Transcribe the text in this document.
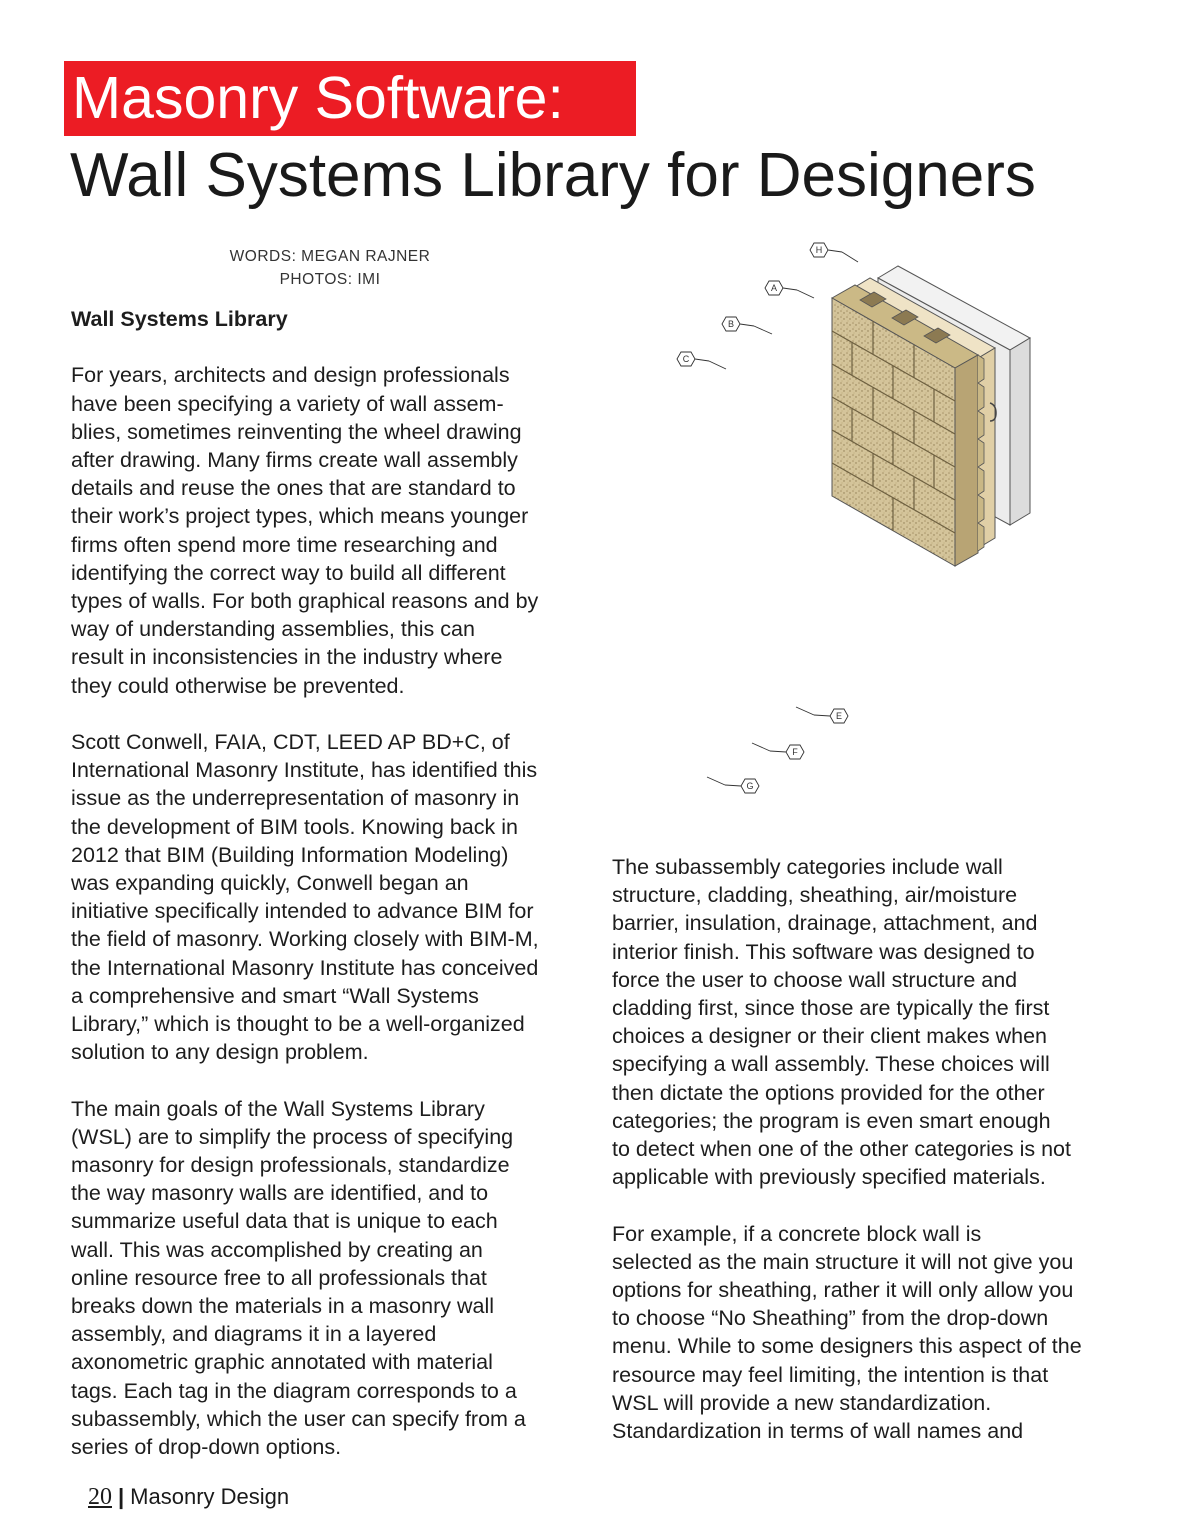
Masonry Software:
Wall Systems Library for Designers
WORDS: MEGAN RAJNER
PHOTOS: IMI

Wall Systems Library

For years, architects and design professionals
have been specifying a variety of wall assem-
blies, sometimes reinventing the wheel drawing
after drawing. Many firms create wall assembly
details and reuse the ones that are standard to
their work’s project types, which means younger
firms often spend more time researching and
identifying the correct way to build all different
types of walls. For both graphical reasons and by
way of understanding assemblies, this can
result in inconsistencies in the industry where
they could otherwise be prevented.

Scott Conwell, FAIA, CDT, LEED AP BD+C, of
International Masonry Institute, has identified this
issue as the underrepresentation of masonry in
the development of BIM tools. Knowing back in
2012 that BIM (Building Information Modeling)
was expanding quickly, Conwell began an
initiative specifically intended to advance BIM for
the field of masonry. Working closely with BIM-M,
the International Masonry Institute has conceived
a comprehensive and smart “Wall Systems
Library,” which is thought to be a well-organized
solution to any design problem.

The main goals of the Wall Systems Library
(WSL) are to simplify the process of specifying
masonry for design professionals, standardize
the way masonry walls are identified, and to
summarize useful data that is unique to each
wall. This was accomplished by creating an
online resource free to all professionals that
breaks down the materials in a masonry wall
assembly, and diagrams it in a layered
axonometric graphic annotated with material
tags. Each tag in the diagram corresponds to a
subassembly, which the user can specify from a
series of drop-down options.

The subassembly categories include wall
structure, cladding, sheathing, air/moisture
barrier, insulation, drainage, attachment, and
interior finish. This software was designed to
force the user to choose wall structure and
cladding first, since those are typically the first
choices a designer or their client makes when
specifying a wall assembly. These choices will
then dictate the options provided for the other
categories; the program is even smart enough
to detect when one of the other categories is not
applicable with previously specified materials.

For example, if a concrete block wall is
selected as the main structure it will not give you
options for sheathing, rather it will only allow you
to choose “No Sheathing” from the drop-down
menu. While to some designers this aspect of the
resource may feel limiting, the intention is that
WSL will provide a new standardization.
Standardization in terms of wall names and

H
A
B
C
E
F
G
20 | Masonry Design
